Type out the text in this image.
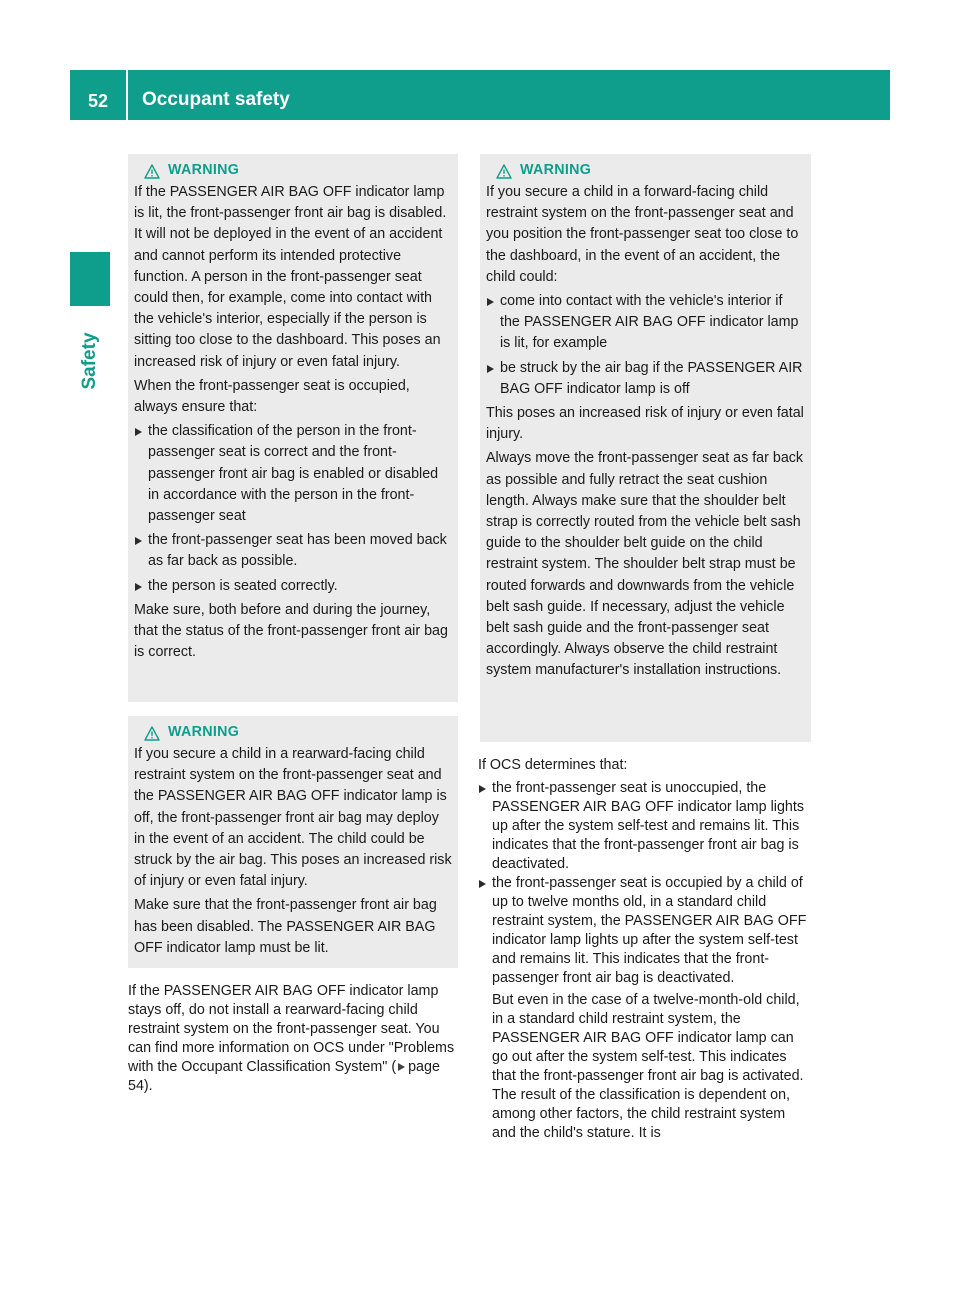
52	Occupant safety
Safety
WARNING

If the PASSENGER AIR BAG OFF indicator lamp is lit, the front-passenger front air bag is disabled. It will not be deployed in the event of an accident and cannot perform its intended protective function. A person in the front-passenger seat could then, for example, come into contact with the vehicle's interior, especially if the person is sitting too close to the dashboard. This poses an increased risk of injury or even fatal injury.

When the front-passenger seat is occupied, always ensure that:

the classification of the person in the front-passenger seat is correct and the front-passenger front air bag is enabled or disabled in accordance with the person in the front-passenger seat
the front-passenger seat has been moved back as far back as possible.
the person is seated correctly.

Make sure, both before and during the journey, that the status of the front-passenger front air bag is correct.

WARNING

If you secure a child in a rearward-facing child restraint system on the front-passenger seat and the PASSENGER AIR BAG OFF indicator lamp is off, the front-passenger front air bag may deploy in the event of an accident. The child could be struck by the air bag. This poses an increased risk of injury or even fatal injury.

Make sure that the front-passenger front air bag has been disabled. The PASSENGER AIR BAG OFF indicator lamp must be lit.

If the PASSENGER AIR BAG OFF indicator lamp stays off, do not install a rearward-facing child restraint system on the front-passenger seat. You can find more information on OCS under "Problems with the Occupant Classification System" ( page 54).

WARNING

If you secure a child in a forward-facing child restraint system on the front-passenger seat and you position the front-passenger seat too close to the dashboard, in the event of an accident, the child could:

come into contact with the vehicle's interior if the PASSENGER AIR BAG OFF indicator lamp is lit, for example
be struck by the air bag if the PASSENGER AIR BAG OFF indicator lamp is off

This poses an increased risk of injury or even fatal injury.

Always move the front-passenger seat as far back as possible and fully retract the seat cushion length. Always make sure that the shoulder belt strap is correctly routed from the vehicle belt sash guide to the shoulder belt guide on the child restraint system. The shoulder belt strap must be routed forwards and downwards from the vehicle belt sash guide. If necessary, adjust the vehicle belt sash guide and the front-passenger seat accordingly. Always observe the child restraint system manufacturer's installation instructions.

If OCS determines that:

the front-passenger seat is unoccupied, the PASSENGER AIR BAG OFF indicator lamp lights up after the system self-test and remains lit. This indicates that the front-passenger front air bag is deactivated.
the front-passenger seat is occupied by a child of up to twelve months old, in a standard child restraint system, the PASSENGER AIR BAG OFF indicator lamp lights up after the system self-test and remains lit. This indicates that the front-passenger front air bag is deactivated.

But even in the case of a twelve-month-old child, in a standard child restraint system, the PASSENGER AIR BAG OFF indicator lamp can go out after the system self-test. This indicates that the front-passenger front air bag is activated. The result of the classification is dependent on, among other factors, the child restraint system and the child's stature. It is
